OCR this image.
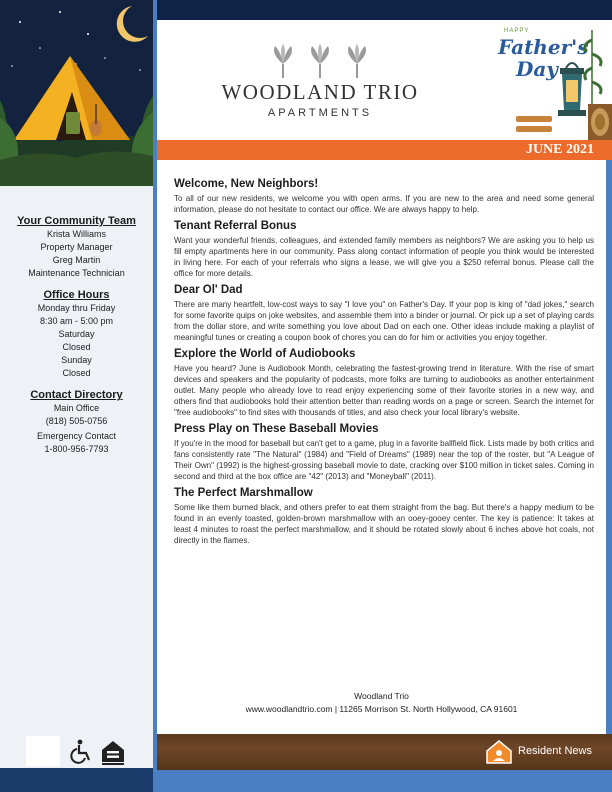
Your Community Team
Krista Williams
Property Manager
Greg Martin
Maintenance Technician
Office Hours
Monday thru Friday
8:30 am - 5:00 pm
Saturday
Closed
Sunday
Closed
Contact Directory
Main Office
(818) 505-0756
Emergency Contact
1-800-956-7793
WOODLAND TRIO
APARTMENTS
HAPPY
Father's
Day
JUNE 2021
Welcome, New Neighbors!
To all of our new residents, we welcome you with open arms. If you are new to the area and need some general information, please do not hesitate to contact our office. We are always happy to help.
Tenant Referral Bonus
Want your wonderful friends, colleagues, and extended family members as neighbors? We are asking you to help us fill empty apartments here in our community. Pass along contact information of people you think would be interested in living here. For each of your referrals who signs a lease, we will give you a $250 referral bonus. Please call the office for more details.
Dear Ol' Dad
There are many heartfelt, low-cost ways to say "I love you" on Father's Day. If your pop is king of "dad jokes," search for some favorite quips on joke websites, and assemble them into a binder or journal. Or pick up a set of playing cards from the dollar store, and write something you love about Dad on each one. Other ideas include making a playlist of meaningful tunes or creating a coupon book of chores you can do for him or activities you enjoy together.
Explore the World of Audiobooks
Have you heard? June is Audiobook Month, celebrating the fastest-growing trend in literature. With the rise of smart devices and speakers and the popularity of podcasts, more folks are turning to audiobooks as another entertainment outlet. Many people who already love to read enjoy experiencing some of their favorite stories in a new way, and others find that audiobooks hold their attention better than reading words on a page or screen. Search the internet for "free audiobooks" to find sites with thousands of titles, and also check your local library's website.
Press Play on These Baseball Movies
If you're in the mood for baseball but can't get to a game, plug in a favorite ballfield flick. Lists made by both critics and fans consistently rate "The Natural" (1984) and "Field of Dreams" (1989) near the top of the roster, but "A League of Their Own" (1992) is the highest-grossing baseball movie to date, cracking over $100 million in ticket sales. Coming in second and third at the box office are "42" (2013) and "Moneyball" (2011).
The Perfect Marshmallow
Some like them burned black, and others prefer to eat them straight from the bag. But there's a happy medium to be found in an evenly toasted, golden-brown marshmallow with an ooey-gooey center. The key is patience: It takes at least 4 minutes to roast the perfect marshmallow, and it should be rotated slowly about 6 inches above hot coals, not directly in the flames.
Woodland Trio
www.woodlandtrio.com | 11265 Morrison St. North Hollywood, CA 91601
Resident News
